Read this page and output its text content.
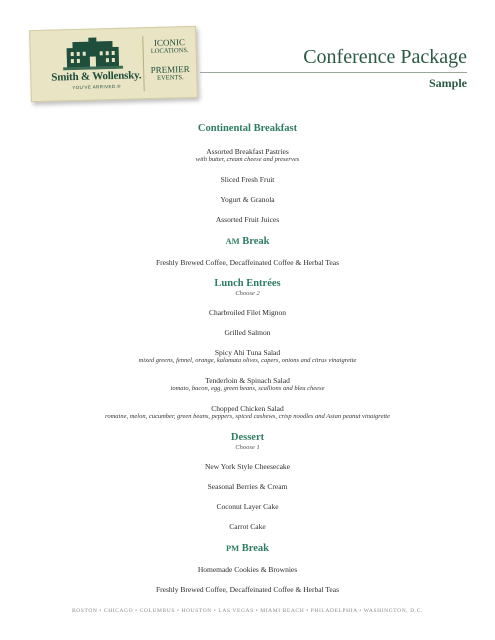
Smith & Wollensky.
YOU'VE ARRIVED.®
ICONIC
LOCATIONS.
PREMIER
EVENTS.
Conference Package
Sample
Continental Breakfast
Assorted Breakfast Pastries
with butter, cream cheese and preserves
Sliced Fresh Fruit
Yogurt & Granola
Assorted Fruit Juices
AM Break
Freshly Brewed Coffee, Decaffeinated Coffee & Herbal Teas
Lunch Entrées
Choose 2
Charbroiled Filet Mignon
Grilled Salmon
Spicy Ahi Tuna Salad
mixed greens, fennel, orange, kalamata olives, capers, onions and citrus vinaigrette
Tenderloin & Spinach Salad
tomato, bacon, egg, green beans, scallions and bleu cheese
Chopped Chicken Salad
romaine, melon, cucumber, green beans, peppers, spiced cashews, crisp noodles and Asian peanut vinaigrette
Dessert
Choose 1
New York Style Cheesecake
Seasonal Berries & Cream
Coconut Layer Cake
Carrot Cake
PM Break
Homemade Cookies & Brownies
Freshly Brewed Coffee, Decaffeinated Coffee & Herbal Teas
BOSTON • CHICAGO • COLUMBUS • HOUSTON • LAS VEGAS • MIAMI BEACH • PHILADELPHIA • WASHINGTON, D.C.
